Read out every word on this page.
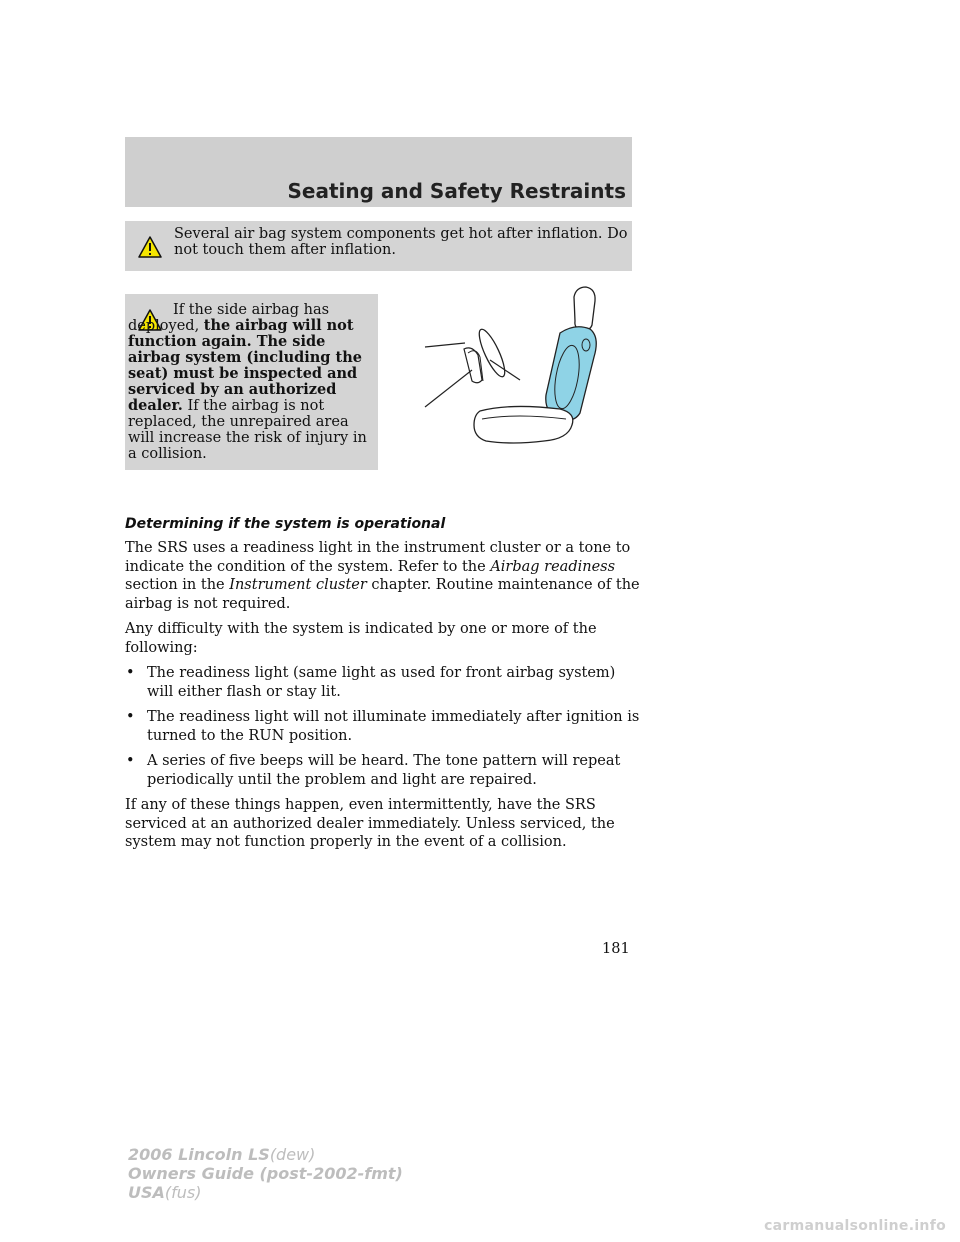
Seating and Safety Restraints
Several air bag system components get hot after inflation. Do not touch them after inflation.
If the side airbag has deployed, the airbag will not function again. The side airbag system (including the seat) must be inspected and serviced by an authorized dealer. If the airbag is not replaced, the unrepaired area will increase the risk of injury in a collision.
Determining if the system is operational

The SRS uses a readiness light in the instrument cluster or a tone to indicate the condition of the system. Refer to the Airbag readiness section in the Instrument cluster chapter. Routine maintenance of the airbag is not required.

Any difficulty with the system is indicated by one or more of the following:

• The readiness light (same light as used for front airbag system) will either flash or stay lit.
• The readiness light will not illuminate immediately after ignition is turned to the RUN position.
• A series of five beeps will be heard. The tone pattern will repeat periodically until the problem and light are repaired.

If any of these things happen, even intermittently, have the SRS serviced at an authorized dealer immediately. Unless serviced, the system may not function properly in the event of a collision.

181
2006 Lincoln LS(dew)
Owners Guide (post-2002-fmt)
USA(fus)
carmanualsonline.info
